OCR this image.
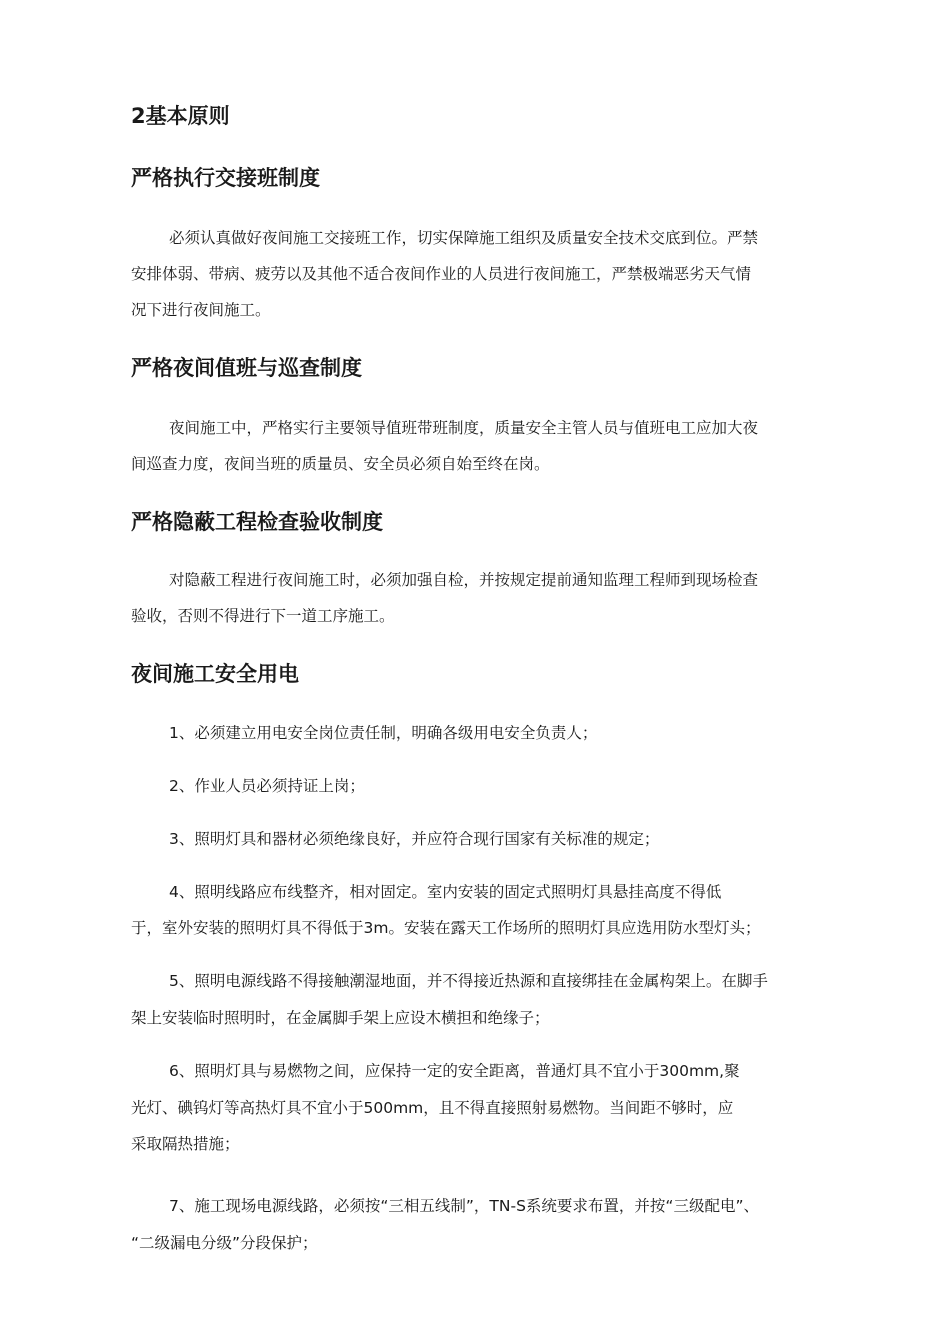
2基本原则
严格执行交接班制度

必须认真做好夜间施工交接班工作，切实保障施工组织及质量安全技术交底到位。严禁

安排体弱、带病、疲劳以及其他不适合夜间作业的人员进行夜间施工，严禁极端恶劣天气情

况下进行夜间施工。

严格夜间值班与巡查制度

夜间施工中，严格实行主要领导值班带班制度，质量安全主管人员与值班电工应加大夜

间巡查力度，夜间当班的质量员、安全员必须自始至终在岗。

严格隐蔽工程检查验收制度

对隐蔽工程进行夜间施工时，必须加强自检，并按规定提前通知监理工程师到现场检查

验收，否则不得进行下一道工序施工。

夜间施工安全用电

1、必须建立用电安全岗位责任制，明确各级用电安全负责人；

2、作业人员必须持证上岗；

3、照明灯具和器材必须绝缘良好，并应符合现行国家有关标准的规定；

4、照明线路应布线整齐，相对固定。室内安装的固定式照明灯具悬挂高度不得低

于，室外安装的照明灯具不得低于3m。安装在露天工作场所的照明灯具应选用防水型灯头；

5、照明电源线路不得接触潮湿地面，并不得接近热源和直接绑挂在金属构架上。在脚手

架上安装临时照明时，在金属脚手架上应设木横担和绝缘子；

6、照明灯具与易燃物之间，应保持一定的安全距离，普通灯具不宜小于300mm,聚

光灯、碘钨灯等高热灯具不宜小于500mm，且不得直接照射易燃物。当间距不够时，应

采取隔热措施；

7、施工现场电源线路，必须按“三相五线制”，TN-S系统要求布置，并按“三级配电”、

“二级漏电分级”分段保护；
